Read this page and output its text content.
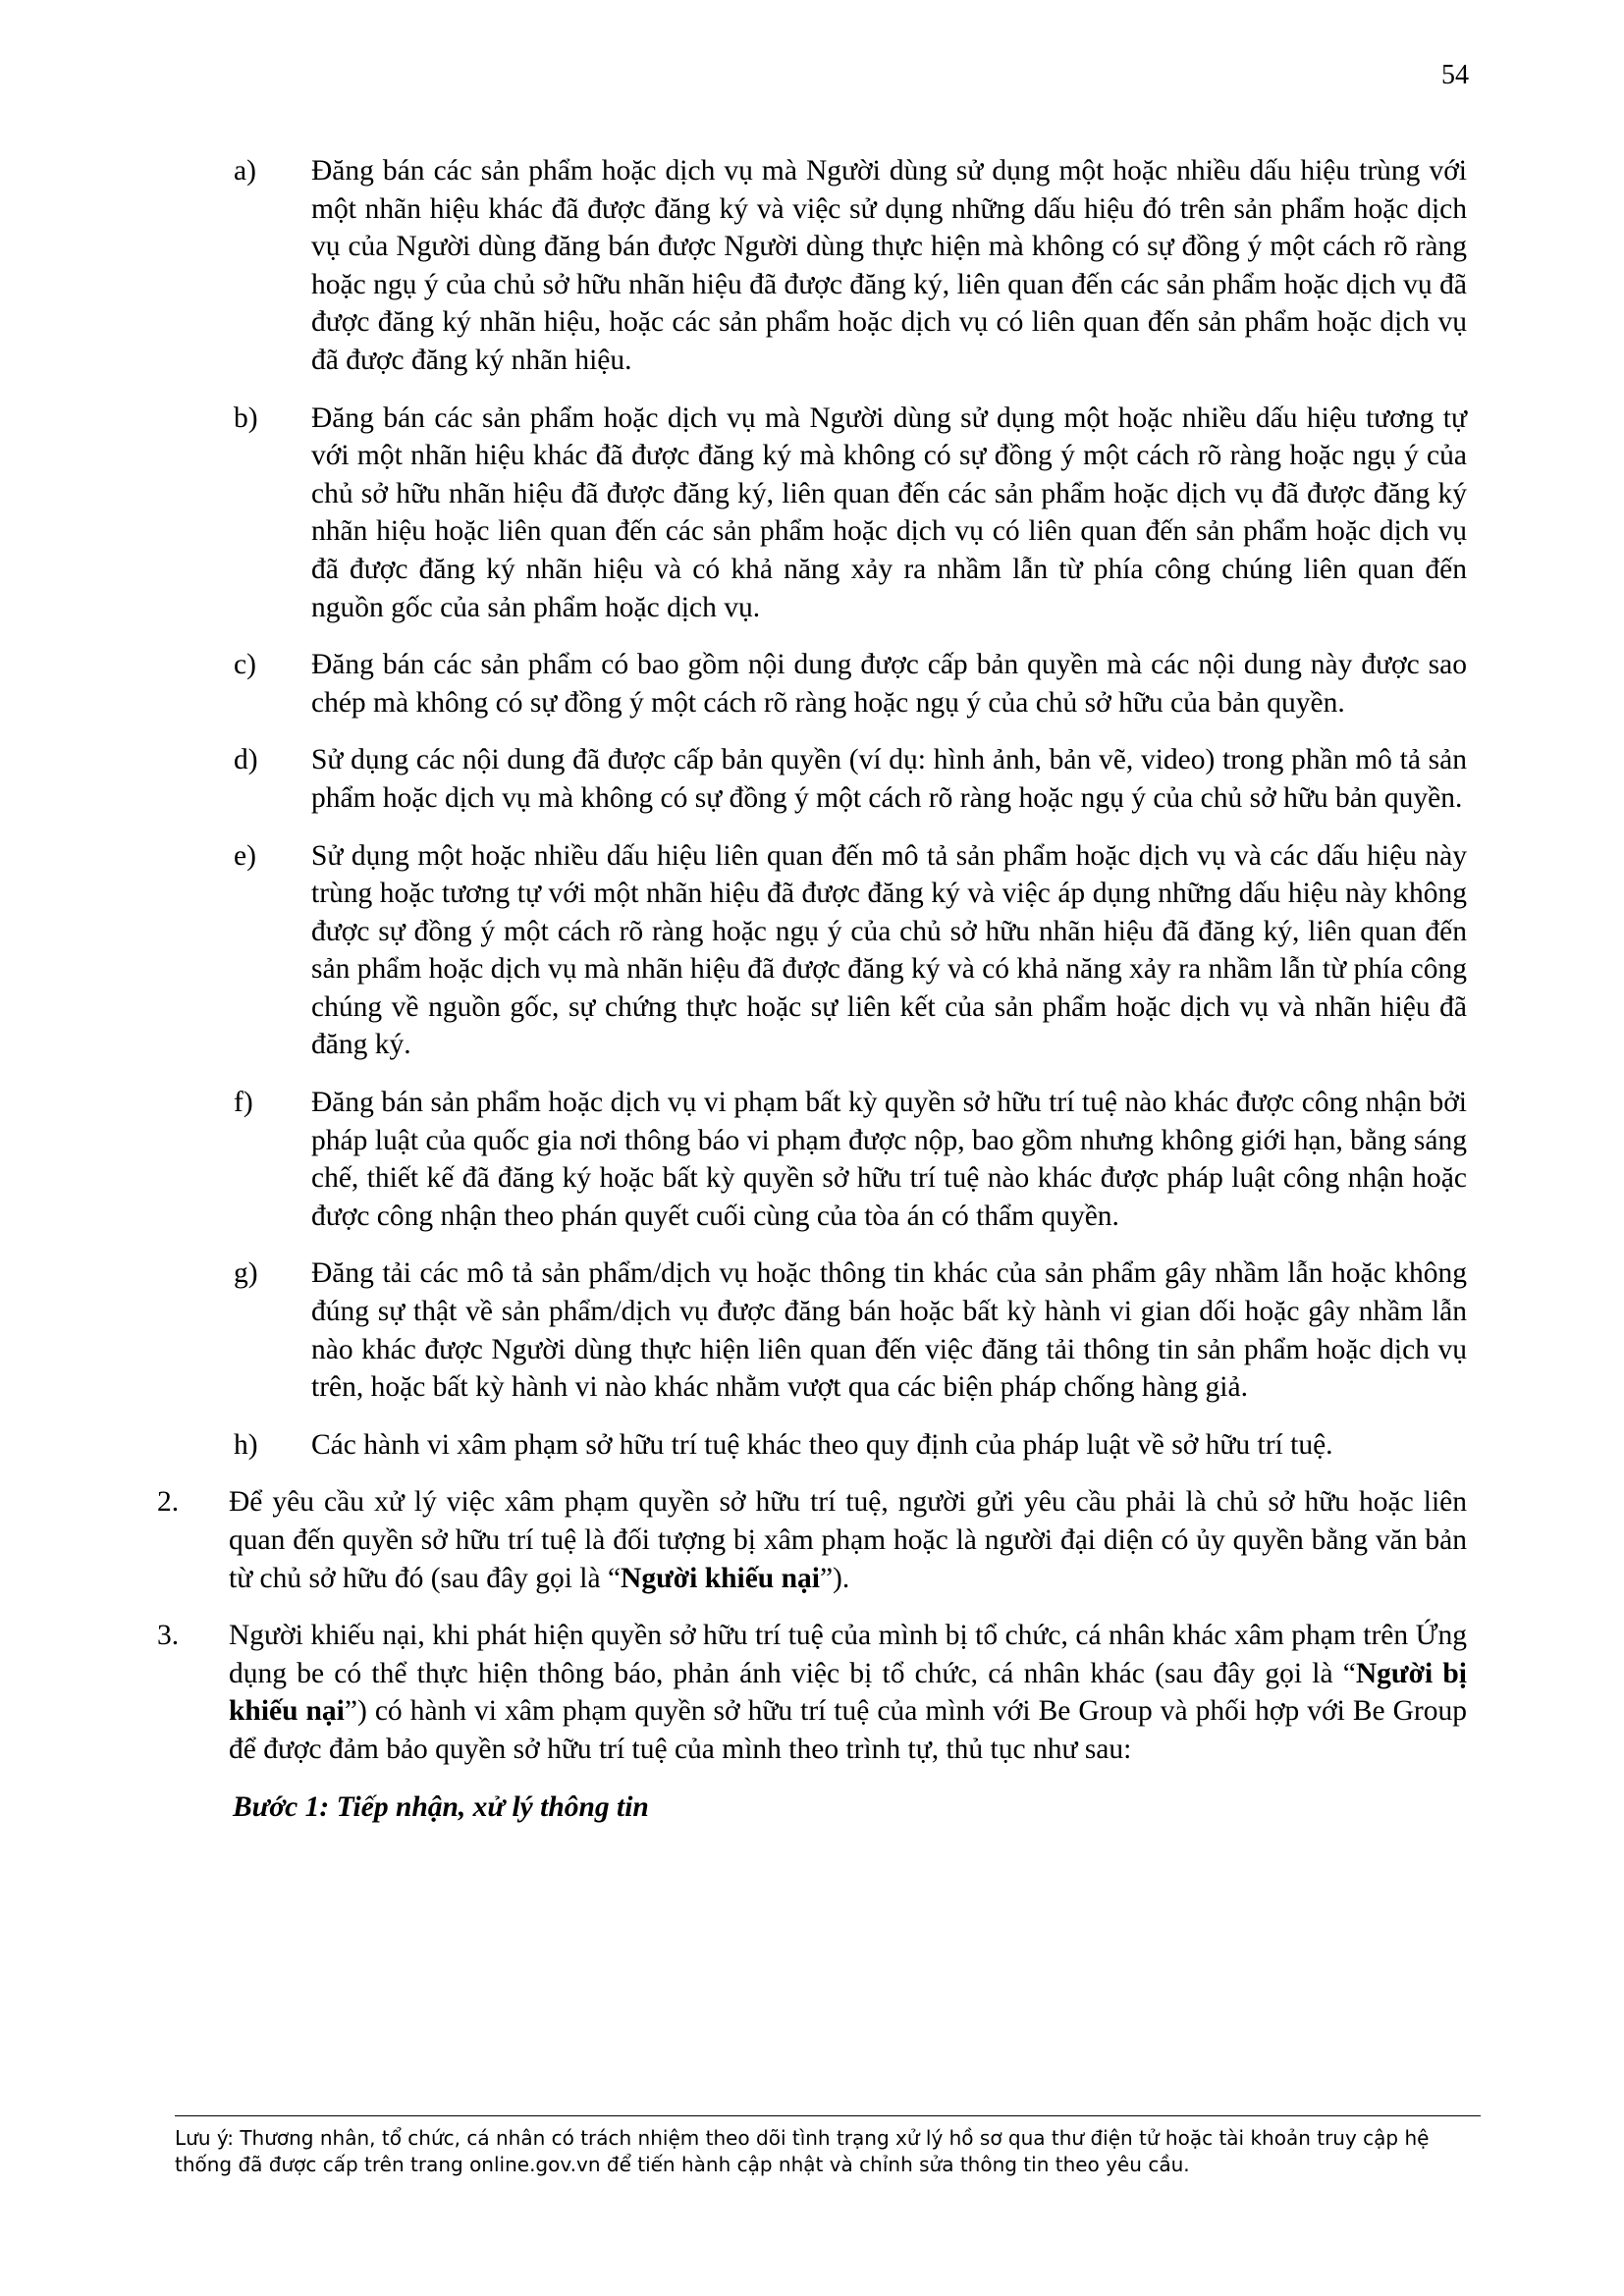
54
a) Đăng bán các sản phẩm hoặc dịch vụ mà Người dùng sử dụng một hoặc nhiều dấu hiệu trùng với một nhãn hiệu khác đã được đăng ký và việc sử dụng những dấu hiệu đó trên sản phẩm hoặc dịch vụ của Người dùng đăng bán được Người dùng thực hiện mà không có sự đồng ý một cách rõ ràng hoặc ngụ ý của chủ sở hữu nhãn hiệu đã được đăng ký, liên quan đến các sản phẩm hoặc dịch vụ đã được đăng ký nhãn hiệu, hoặc các sản phẩm hoặc dịch vụ có liên quan đến sản phẩm hoặc dịch vụ đã được đăng ký nhãn hiệu.
b) Đăng bán các sản phẩm hoặc dịch vụ mà Người dùng sử dụng một hoặc nhiều dấu hiệu tương tự với một nhãn hiệu khác đã được đăng ký mà không có sự đồng ý một cách rõ ràng hoặc ngụ ý của chủ sở hữu nhãn hiệu đã được đăng ký, liên quan đến các sản phẩm hoặc dịch vụ đã được đăng ký nhãn hiệu hoặc liên quan đến các sản phẩm hoặc dịch vụ có liên quan đến sản phẩm hoặc dịch vụ đã được đăng ký nhãn hiệu và có khả năng xảy ra nhầm lẫn từ phía công chúng liên quan đến nguồn gốc của sản phẩm hoặc dịch vụ.
c) Đăng bán các sản phẩm có bao gồm nội dung được cấp bản quyền mà các nội dung này được sao chép mà không có sự đồng ý một cách rõ ràng hoặc ngụ ý của chủ sở hữu của bản quyền.
d) Sử dụng các nội dung đã được cấp bản quyền (ví dụ: hình ảnh, bản vẽ, video) trong phần mô tả sản phẩm hoặc dịch vụ mà không có sự đồng ý một cách rõ ràng hoặc ngụ ý của chủ sở hữu bản quyền.
e) Sử dụng một hoặc nhiều dấu hiệu liên quan đến mô tả sản phẩm hoặc dịch vụ và các dấu hiệu này trùng hoặc tương tự với một nhãn hiệu đã được đăng ký và việc áp dụng những dấu hiệu này không được sự đồng ý một cách rõ ràng hoặc ngụ ý của chủ sở hữu nhãn hiệu đã đăng ký, liên quan đến sản phẩm hoặc dịch vụ mà nhãn hiệu đã được đăng ký và có khả năng xảy ra nhầm lẫn từ phía công chúng về nguồn gốc, sự chứng thực hoặc sự liên kết của sản phẩm hoặc dịch vụ và nhãn hiệu đã đăng ký.
f) Đăng bán sản phẩm hoặc dịch vụ vi phạm bất kỳ quyền sở hữu trí tuệ nào khác được công nhận bởi pháp luật của quốc gia nơi thông báo vi phạm được nộp, bao gồm nhưng không giới hạn, bằng sáng chế, thiết kế đã đăng ký hoặc bất kỳ quyền sở hữu trí tuệ nào khác được pháp luật công nhận hoặc được công nhận theo phán quyết cuối cùng của tòa án có thẩm quyền.
g) Đăng tải các mô tả sản phẩm/dịch vụ hoặc thông tin khác của sản phẩm gây nhầm lẫn hoặc không đúng sự thật về sản phẩm/dịch vụ được đăng bán hoặc bất kỳ hành vi gian dối hoặc gây nhầm lẫn nào khác được Người dùng thực hiện liên quan đến việc đăng tải thông tin sản phẩm hoặc dịch vụ trên, hoặc bất kỳ hành vi nào khác nhằm vượt qua các biện pháp chống hàng giả.
h) Các hành vi xâm phạm sở hữu trí tuệ khác theo quy định của pháp luật về sở hữu trí tuệ.
2. Để yêu cầu xử lý việc xâm phạm quyền sở hữu trí tuệ, người gửi yêu cầu phải là chủ sở hữu hoặc liên quan đến quyền sở hữu trí tuệ là đối tượng bị xâm phạm hoặc là người đại diện có ủy quyền bằng văn bản từ chủ sở hữu đó (sau đây gọi là “Người khiếu nại”).
3. Người khiếu nại, khi phát hiện quyền sở hữu trí tuệ của mình bị tổ chức, cá nhân khác xâm phạm trên Ứng dụng be có thể thực hiện thông báo, phản ánh việc bị tổ chức, cá nhân khác (sau đây gọi là “Người bị khiếu nại”) có hành vi xâm phạm quyền sở hữu trí tuệ của mình với Be Group và phối hợp với Be Group để được đảm bảo quyền sở hữu trí tuệ của mình theo trình tự, thủ tục như sau:
Bước 1: Tiếp nhận, xử lý thông tin
Lưu ý: Thương nhân, tổ chức, cá nhân có trách nhiệm theo dõi tình trạng xử lý hồ sơ qua thư điện tử hoặc tài khoản truy cập hệ thống đã được cấp trên trang online.gov.vn để tiến hành cập nhật và chỉnh sửa thông tin theo yêu cầu.
